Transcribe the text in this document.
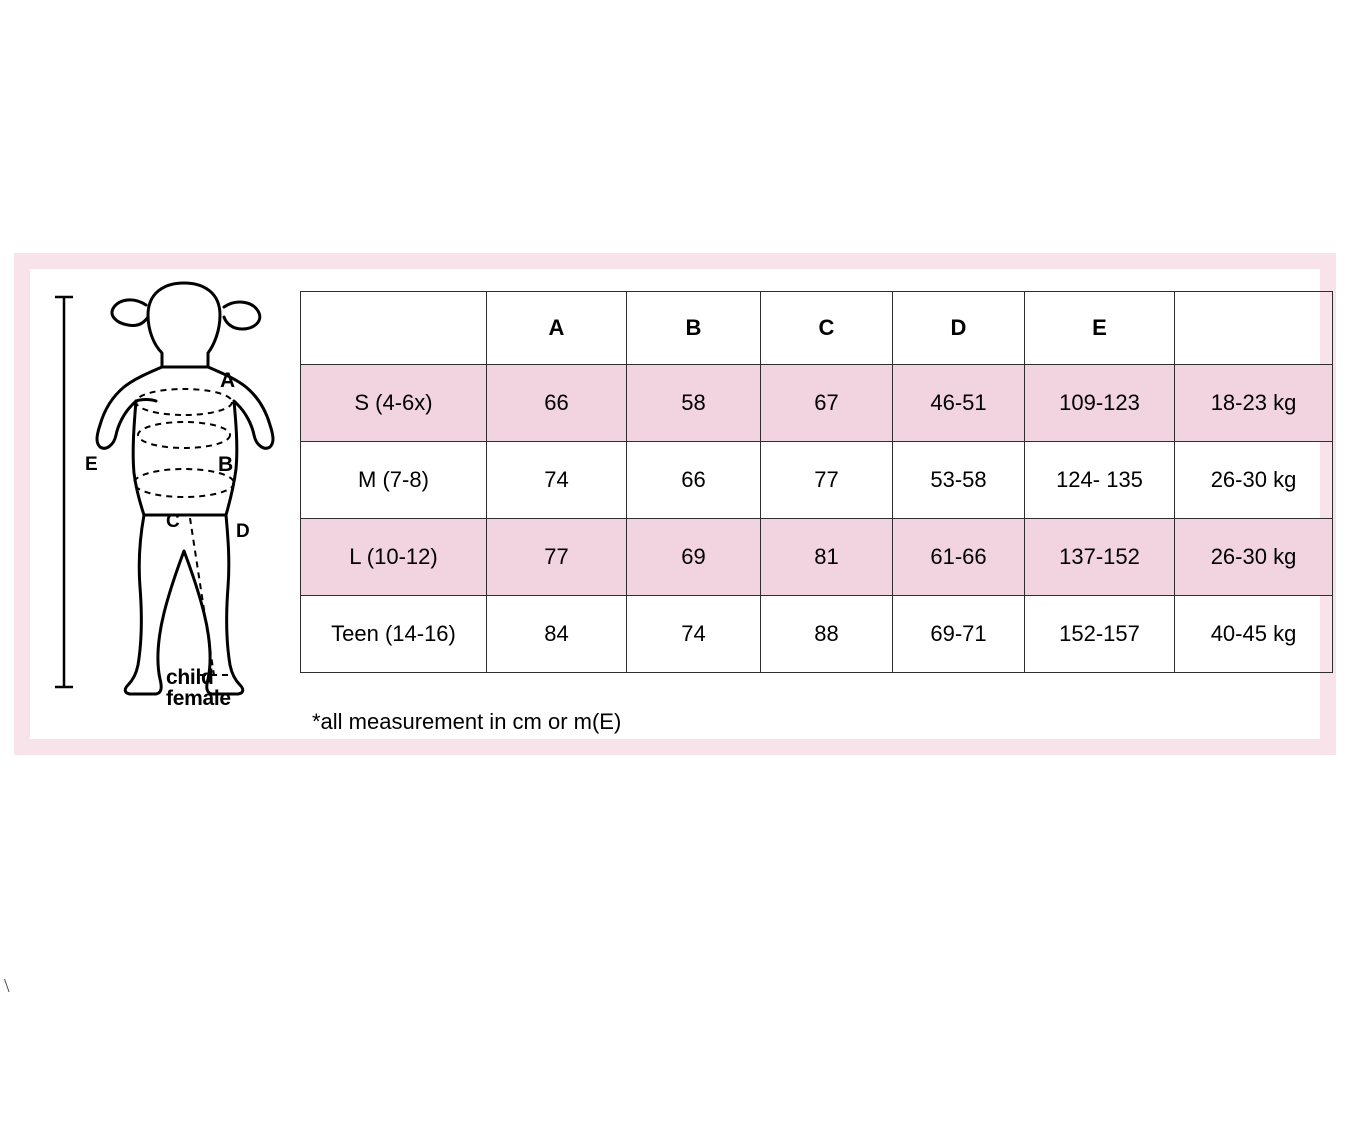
A
B
C	D
E
child
female
	A	B	C	D	E	
S (4-6x)	66	58	67	46-51	109-123	18-23 kg
M (7-8)	74	66	77	53-58	124- 135	26-30 kg
L (10-12)	77	69	81	61-66	137-152	26-30 kg
Teen (14-16)	84	74	88	69-71	152-157	40-45 kg
*all measurement in cm or m(E)
\
